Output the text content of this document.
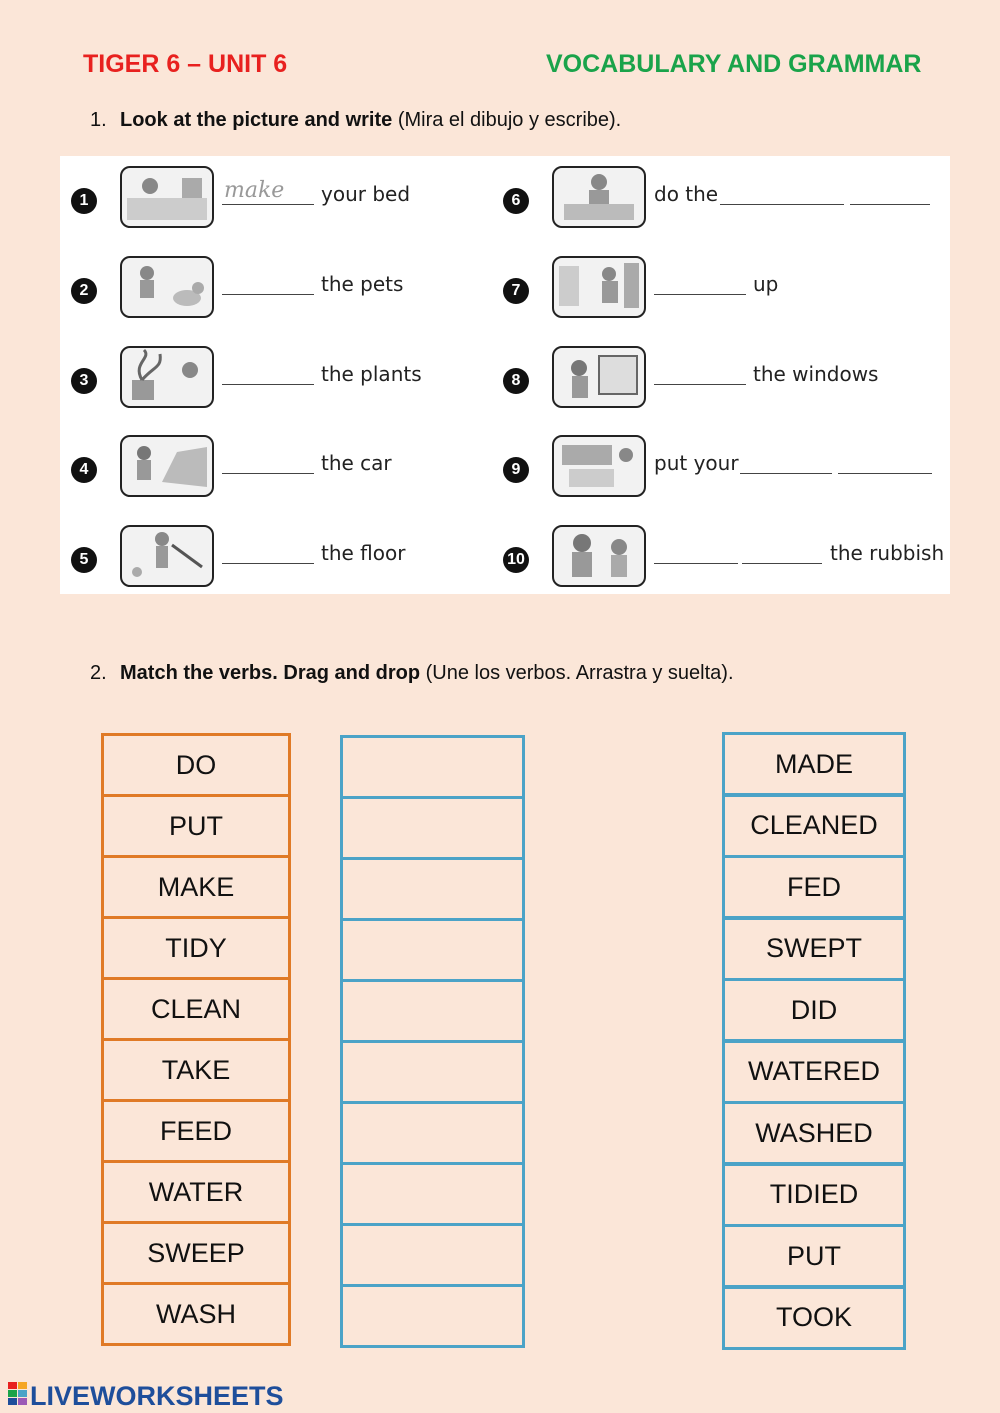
TIGER 6 – UNIT 6	VOCABULARY AND GRAMMAR
1. Look at the picture and write (Mira el dibujo y escribe).
1	make your bed
2	the pets
3	the plants
4	the car
5	the floor
6	do the
7	up
8	the windows
9	put your
10	the rubbish
2. Match the verbs. Drag and drop (Une los verbos. Arrastra y suelta).
DO
PUT
MAKE
TIDY
CLEAN
TAKE
FEED
WATER
SWEEP
WASH
MADE
CLEANED
FED
SWEPT
DID
WATERED
WASHED
TIDIED
PUT
TOOK
LIVEWORKSHEETS
